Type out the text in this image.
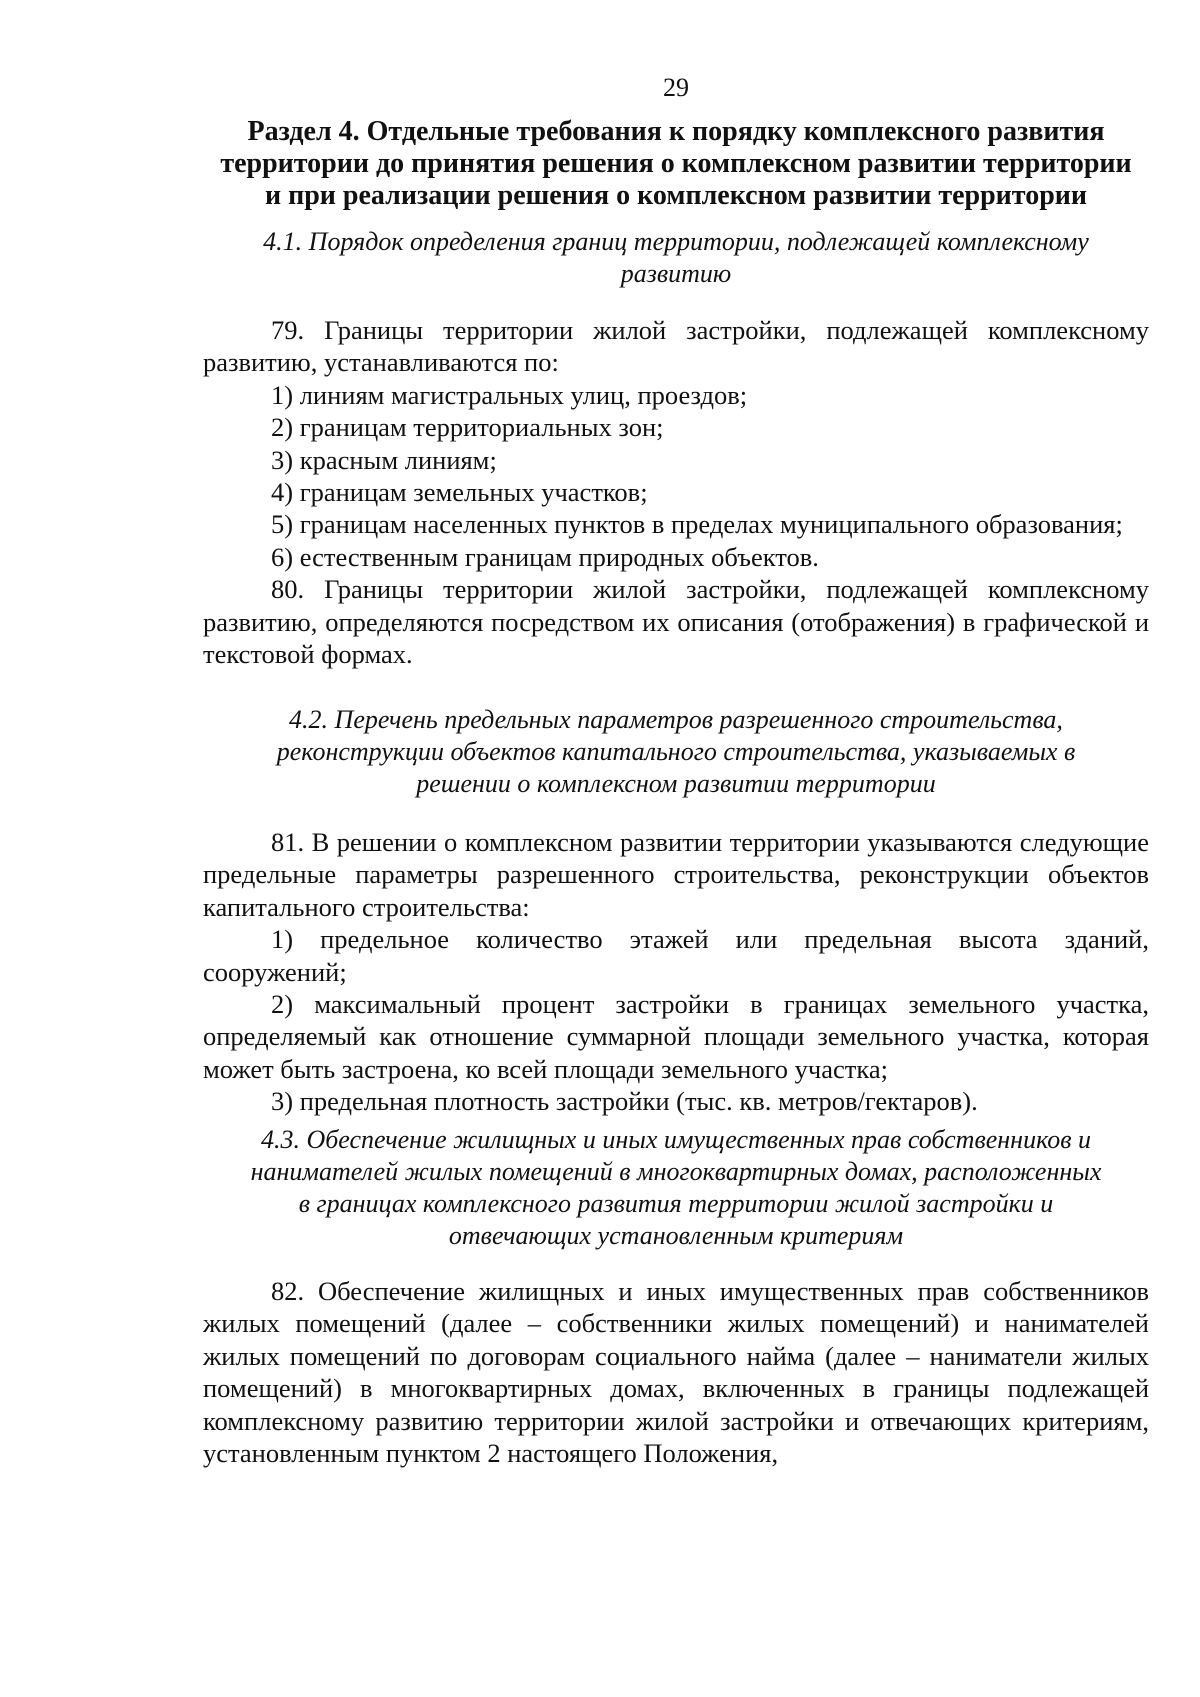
29
Раздел 4. Отдельные требования к порядку комплексного развития
территории до принятия решения о комплексном развитии территории
и при реализации решения о комплексном развитии территории
4.1. Порядок определения границ территории, подлежащей комплексному
развитию

79. Границы территории жилой застройки, подлежащей комплексному развитию, устанавливаются по:

1) линиям магистральных улиц, проездов;

2) границам территориальных зон;

3) красным линиям;

4) границам земельных участков;

5) границам населенных пунктов в пределах муниципального образования;

6) естественным границам природных объектов.

80. Границы территории жилой застройки, подлежащей комплексному развитию, определяются посредством их описания (отображения) в графической и текстовой формах.

4.2. Перечень предельных параметров разрешенного строительства,
реконструкции объектов капитального строительства, указываемых в
решении о комплексном развитии территории

81. В решении о комплексном развитии территории указываются следующие предельные параметры разрешенного строительства, реконструкции объектов капитального строительства:

1) предельное количество этажей или предельная высота зданий, сооружений;

2) максимальный процент застройки в границах земельного участка, определяемый как отношение суммарной площади земельного участка, которая может быть застроена, ко всей площади земельного участка;

3) предельная плотность застройки (тыс. кв. метров/гектаров).

4.3. Обеспечение жилищных и иных имущественных прав собственников и
нанимателей жилых помещений в многоквартирных домах, расположенных
в границах комплексного развития территории жилой застройки и
отвечающих установленным критериям

82. Обеспечение жилищных и иных имущественных прав собственников жилых помещений (далее – собственники жилых помещений) и нанимателей жилых помещений по договорам социального найма (далее – наниматели жилых помещений) в многоквартирных домах, включенных в границы подлежащей комплексному развитию территории жилой застройки и отвечающих критериям, установленным пунктом 2 настоящего Положения,
